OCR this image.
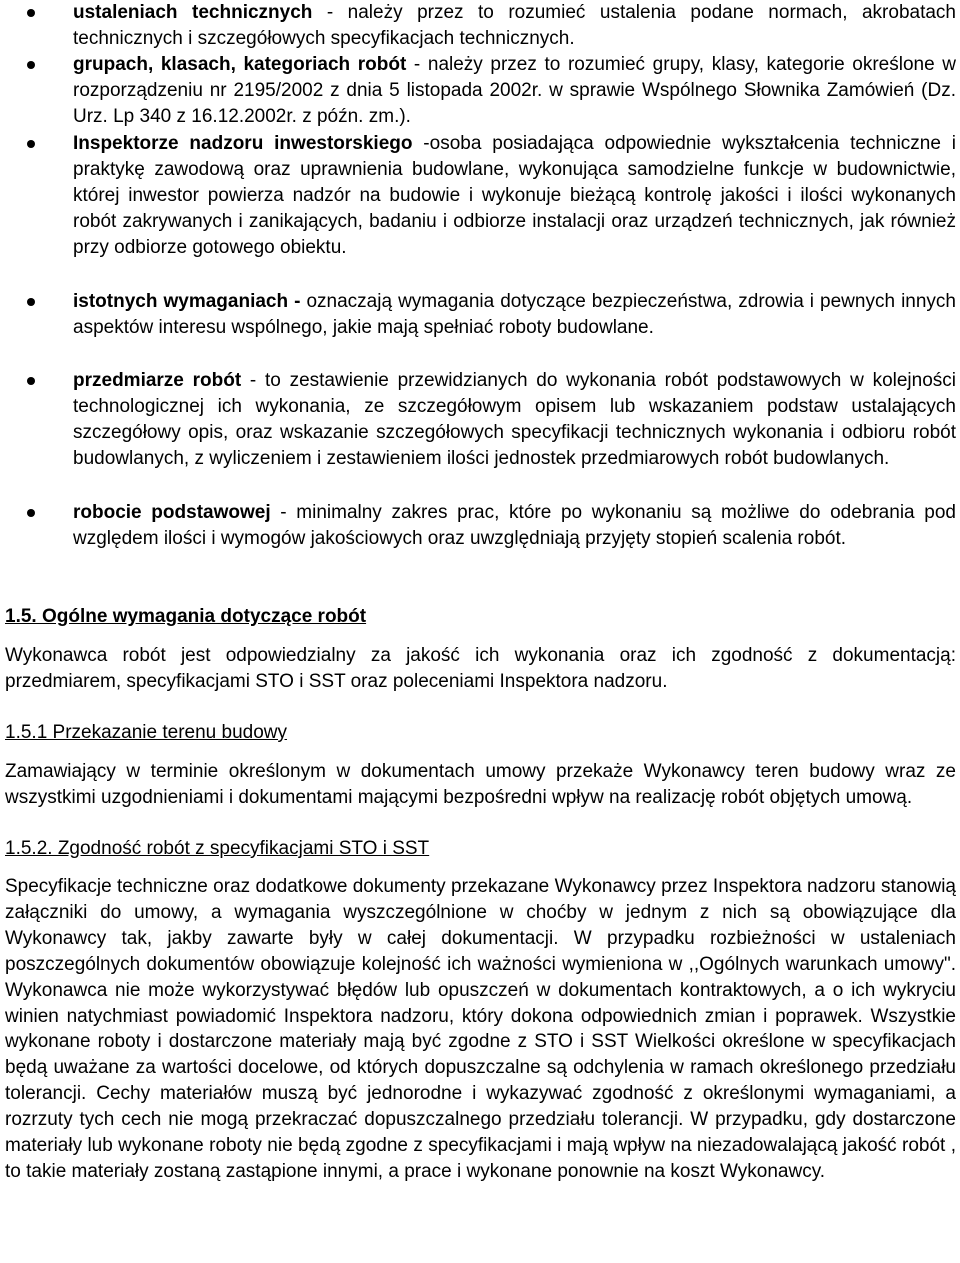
ustaleniach technicznych - należy przez to rozumieć ustalenia podane normach, akrobatach technicznych i szczegółowych specyfikacjach technicznych.
grupach, klasach, kategoriach robót - należy przez to rozumieć grupy, klasy, kategorie określone w rozporządzeniu nr 2195/2002 z dnia 5 listopada 2002r. w sprawie Wspólnego Słownika Zamówień (Dz. Urz. Lp 340 z 16.12.2002r. z późn. zm.).
Inspektorze nadzoru inwestorskiego -osoba posiadająca odpowiednie wykształcenia techniczne i praktykę zawodową oraz uprawnienia budowlane, wykonująca samodzielne funkcje w budownictwie, której inwestor powierza nadzór na budowie i wykonuje bieżącą kontrolę jakości i ilości wykonanych robót zakrywanych i zanikających, badaniu i odbiorze instalacji oraz urządzeń technicznych, jak również przy odbiorze gotowego obiektu.
istotnych wymaganiach - oznaczają wymagania dotyczące bezpieczeństwa, zdrowia i pewnych innych aspektów interesu wspólnego, jakie mają spełniać roboty budowlane.
przedmiarze robót - to zestawienie przewidzianych do wykonania robót podstawowych w kolejności technologicznej ich wykonania, ze szczegółowym opisem lub wskazaniem podstaw ustalających szczegółowy opis, oraz wskazanie szczegółowych specyfikacji technicznych wykonania i odbioru robót budowlanych, z wyliczeniem i zestawieniem ilości jednostek przedmiarowych robót budowlanych.
robocie podstawowej - minimalny zakres prac, które po wykonaniu są możliwe do odebrania pod względem ilości i wymogów jakościowych oraz uwzględniają przyjęty stopień scalenia robót.
1.5. Ogólne wymagania dotyczące robót
Wykonawca robót jest odpowiedzialny za jakość ich wykonania oraz ich zgodność z dokumentacją: przedmiarem, specyfikacjami STO i SST oraz poleceniami Inspektora nadzoru.
1.5.1 Przekazanie terenu budowy
Zamawiający w terminie określonym w dokumentach umowy przekaże Wykonawcy teren budowy wraz ze wszystkimi uzgodnieniami i dokumentami mającymi bezpośredni wpływ na realizację robót objętych umową.
1.5.2. Zgodność robót z specyfikacjami STO i SST
Specyfikacje techniczne oraz dodatkowe dokumenty przekazane Wykonawcy przez Inspektora nadzoru stanowią załączniki do umowy, a wymagania wyszczególnione w choćby w jednym z nich są obowiązujące dla Wykonawcy tak, jakby zawarte były w całej dokumentacji. W przypadku rozbieżności w ustaleniach poszczególnych dokumentów obowiązuje kolejność ich ważności wymieniona w ,,Ogólnych warunkach umowy". Wykonawca nie może wykorzystywać błędów lub opuszczeń w dokumentach kontraktowych, a o ich wykryciu winien natychmiast powiadomić Inspektora nadzoru, który dokona odpowiednich zmian i poprawek. Wszystkie wykonane roboty i dostarczone materiały mają być zgodne z STO i SST Wielkości określone w specyfikacjach będą uważane za wartości docelowe, od których dopuszczalne są odchylenia w ramach określonego przedziału tolerancji. Cechy materiałów muszą być jednorodne i wykazywać zgodność z określonymi wymaganiami, a rozrzuty tych cech nie mogą przekraczać dopuszczalnego przedziału tolerancji. W przypadku, gdy dostarczone materiały lub wykonane roboty nie będą zgodne z specyfikacjami i mają wpływ na niezadowalającą jakość robót , to takie materiały zostaną zastąpione innymi, a prace i wykonane ponownie na koszt Wykonawcy.
